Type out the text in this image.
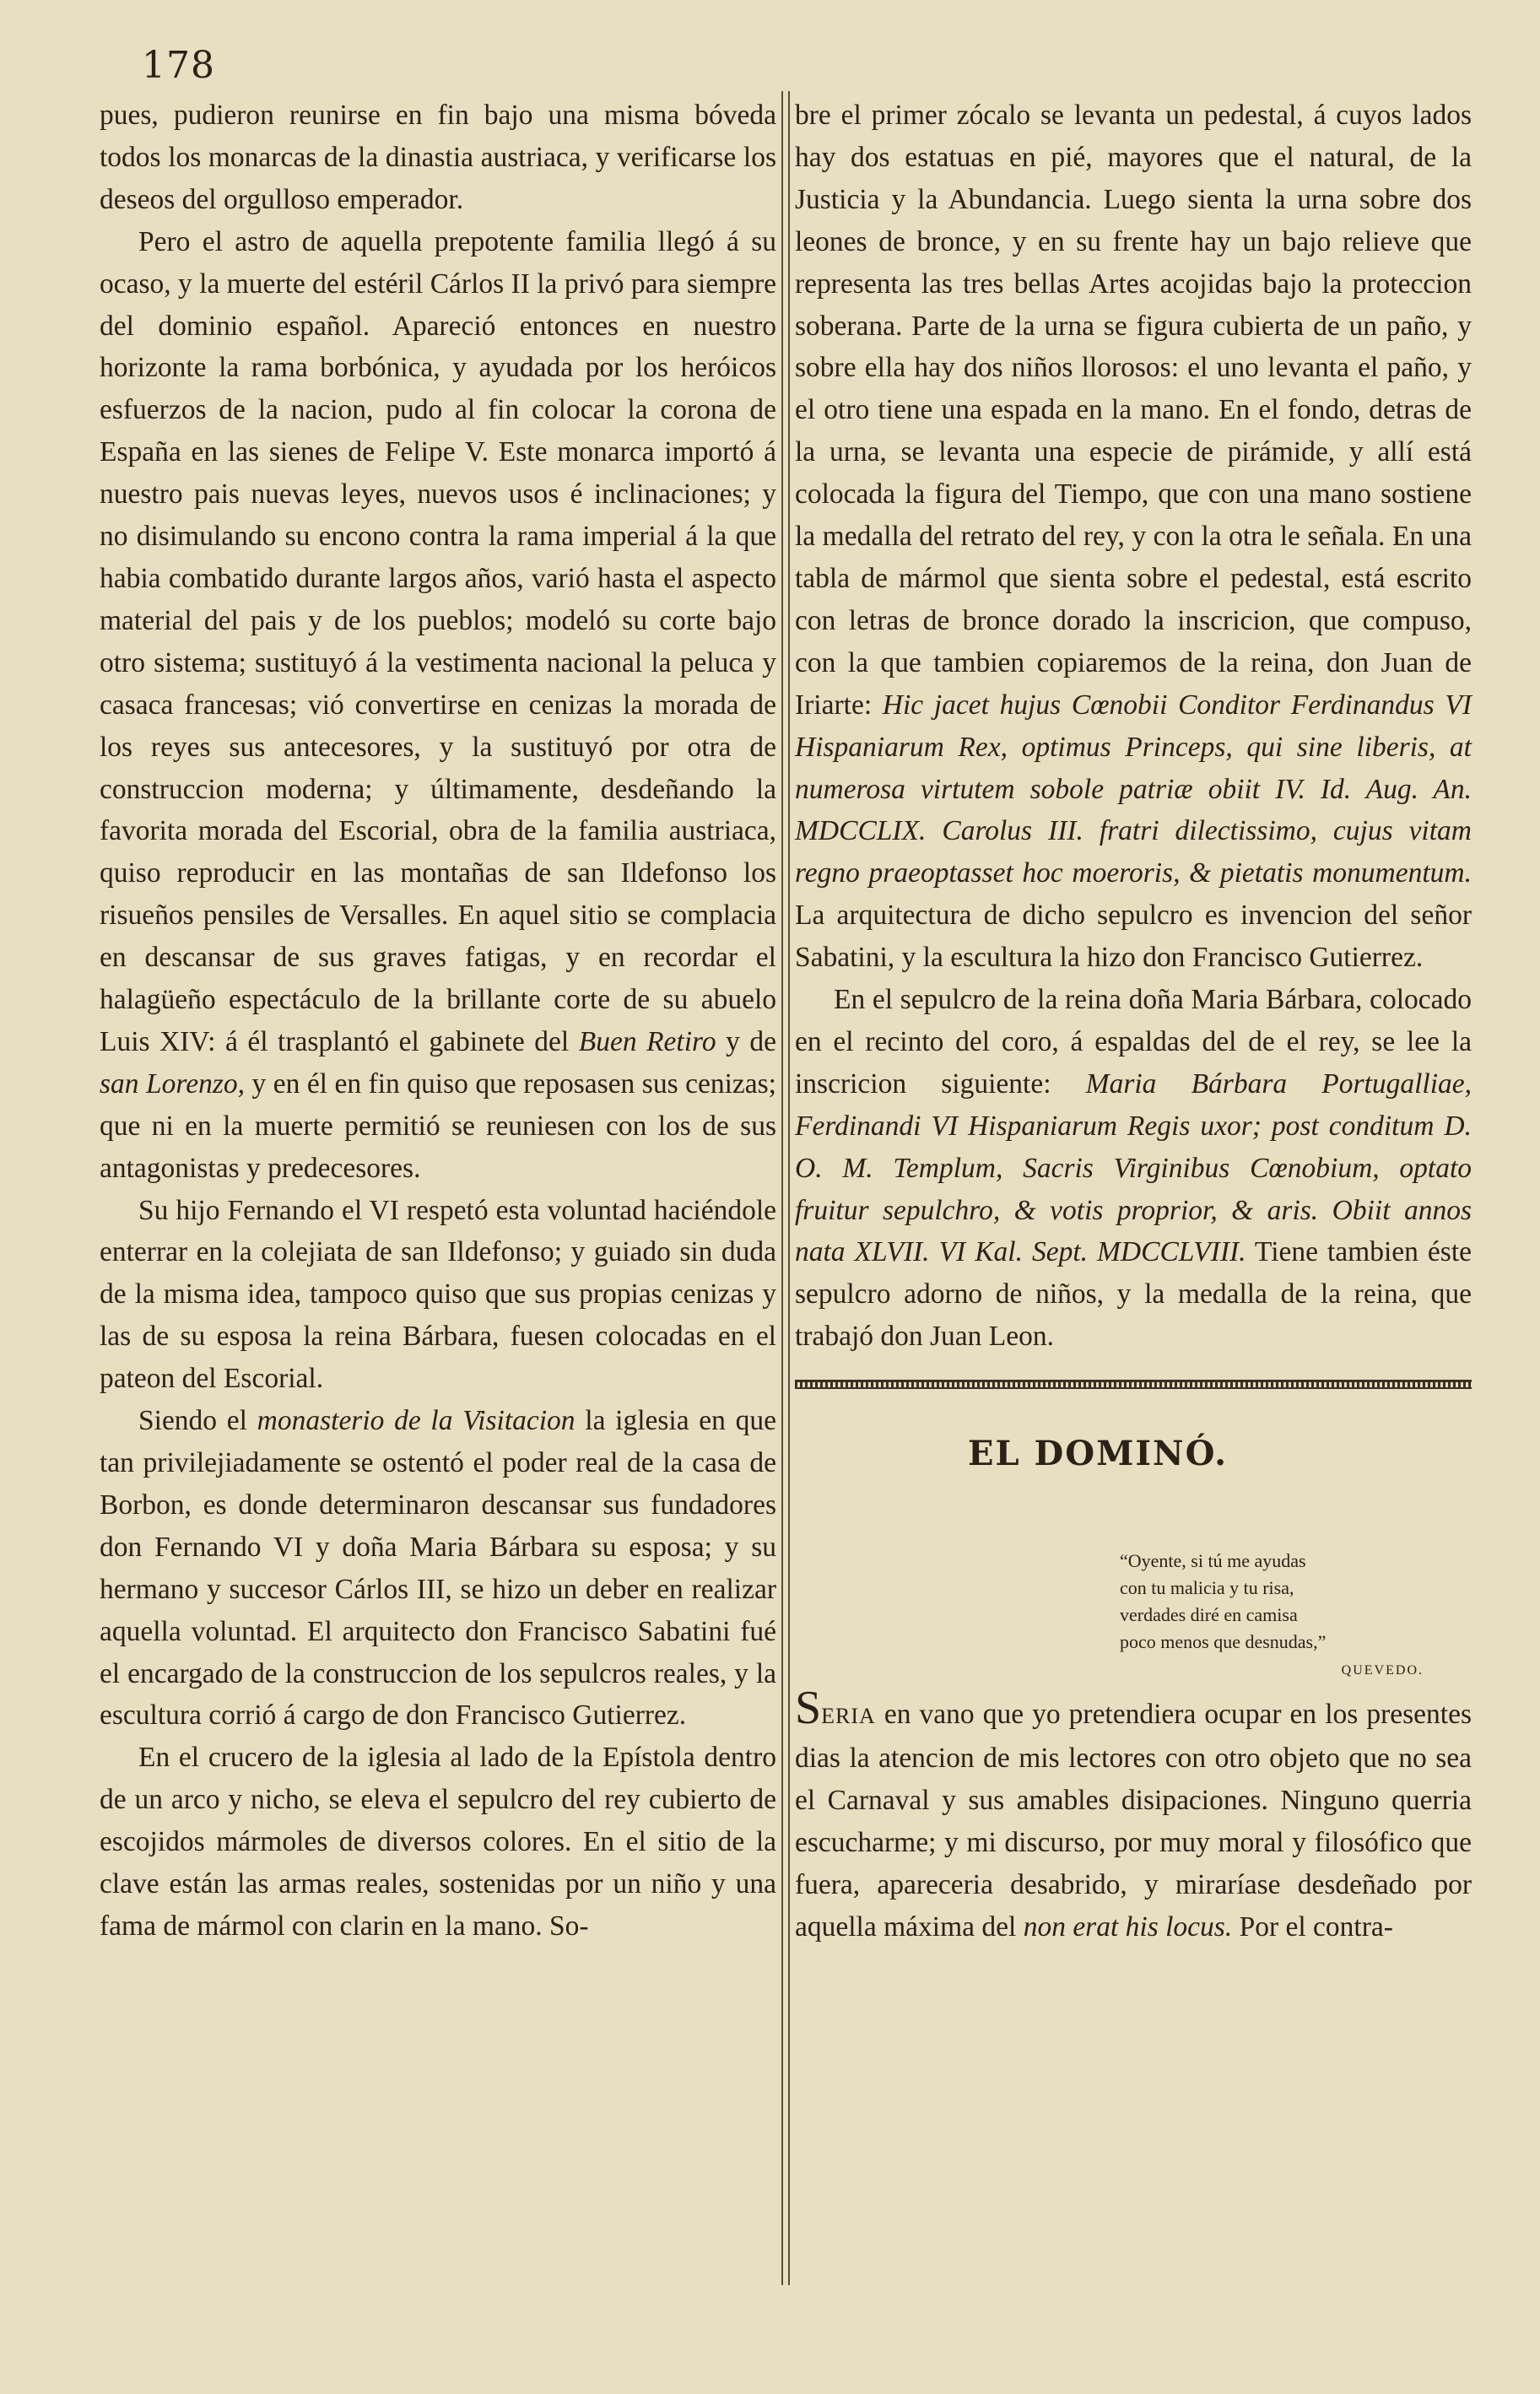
178

pues, pudieron reunirse en fin bajo una misma bóveda todos los monarcas de la dinastia austriaca, y verificarse los deseos del orgulloso emperador.

Pero el astro de aquella prepotente familia llegó á su ocaso, y la muerte del estéril Cárlos II la privó para siempre del dominio español. Apareció entonces en nuestro horizonte la rama borbónica, y ayudada por los heróicos esfuerzos de la nacion, pudo al fin colocar la corona de España en las sienes de Felipe V. Este monarca importó á nuestro pais nuevas leyes, nuevos usos é inclinaciones; y no disimulando su encono contra la rama imperial á la que habia combatido durante largos años, varió hasta el aspecto material del pais y de los pueblos; modeló su corte bajo otro sistema; sustituyó á la vestimenta nacional la peluca y casaca francesas; vió convertirse en cenizas la morada de los reyes sus antecesores, y la sustituyó por otra de construccion moderna; y últimamente, desdeñando la favorita morada del Escorial, obra de la familia austriaca, quiso reproducir en las montañas de san Ildefonso los risueños pensiles de Versalles. En aquel sitio se complacia en descansar de sus graves fatigas, y en recordar el halagüeño espectáculo de la brillante corte de su abuelo Luis XIV: á él trasplantó el gabinete del Buen Retiro y de san Lorenzo, y en él en fin quiso que reposasen sus cenizas; que ni en la muerte permitió se reuniesen con los de sus antagonistas y predecesores.

Su hijo Fernando el VI respetó esta voluntad haciéndole enterrar en la colejiata de san Ildefonso; y guiado sin duda de la misma idea, tampoco quiso que sus propias cenizas y las de su esposa la reina Bárbara, fuesen colocadas en el pateon del Escorial.

Siendo el monasterio de la Visitacion la iglesia en que tan privilejiadamente se ostentó el poder real de la casa de Borbon, es donde determinaron descansar sus fundadores don Fernando VI y doña Maria Bárbara su esposa; y su hermano y succesor Cárlos III, se hizo un deber en realizar aquella voluntad. El arquitecto don Francisco Sabatini fué el encargado de la construccion de los sepulcros reales, y la escultura corrió á cargo de don Francisco Gutierrez.

En el crucero de la iglesia al lado de la Epístola dentro de un arco y nicho, se eleva el sepulcro del rey cubierto de escojidos mármoles de diversos colores. En el sitio de la clave están las armas reales, sostenidas por un niño y una fama de mármol con clarin en la mano. So-

bre el primer zócalo se levanta un pedestal, á cuyos lados hay dos estatuas en pié, mayores que el natural, de la Justicia y la Abundancia. Luego sienta la urna sobre dos leones de bronce, y en su frente hay un bajo relieve que representa las tres bellas Artes acojidas bajo la proteccion soberana. Parte de la urna se figura cubierta de un paño, y sobre ella hay dos niños llorosos: el uno levanta el paño, y el otro tiene una espada en la mano. En el fondo, detras de la urna, se levanta una especie de pirámide, y allí está colocada la figura del Tiempo, que con una mano sostiene la medalla del retrato del rey, y con la otra le señala. En una tabla de mármol que sienta sobre el pedestal, está escrito con letras de bronce dorado la inscricion, que compuso, con la que tambien copiaremos de la reina, don Juan de Iriarte: Hic jacet hujus Cœnobii Conditor Ferdinandus VI Hispaniarum Rex, optimus Princeps, qui sine liberis, at numerosa virtutem sobole patriæ obiit IV. Id. Aug. An. MDCCLIX. Carolus III. fratri dilectissimo, cujus vitam regno praeoptasset hoc moeroris, & pietatis monumentum. La arquitectura de dicho sepulcro es invencion del señor Sabatini, y la escultura la hizo don Francisco Gutierrez.

En el sepulcro de la reina doña Maria Bárbara, colocado en el recinto del coro, á espaldas del de el rey, se lee la inscricion siguiente: Maria Bárbara Portugalliae, Ferdinandi VI Hispaniarum Regis uxor; post conditum D. O. M. Templum, Sacris Virginibus Cœnobium, optato fruitur sepulchro, & votis proprior, & aris. Obiit annos nata XLVII. VI Kal. Sept. MDCCLVIII. Tiene tambien éste sepulcro adorno de niños, y la medalla de la reina, que trabajó don Juan Leon.

EL DOMINÓ.
“Oyente, si tú me ayudas
con tu malicia y tu risa,
verdades diré en camisa
poco menos que desnudas,”
QUEVEDO.

SERIA en vano que yo pretendiera ocupar en los presentes dias la atencion de mis lectores con otro objeto que no sea el Carnaval y sus amables disipaciones. Ninguno querria escucharme; y mi discurso, por muy moral y filosófico que fuera, apareceria desabrido, y miraríase desdeñado por aquella máxima del non erat his locus. Por el contra-
